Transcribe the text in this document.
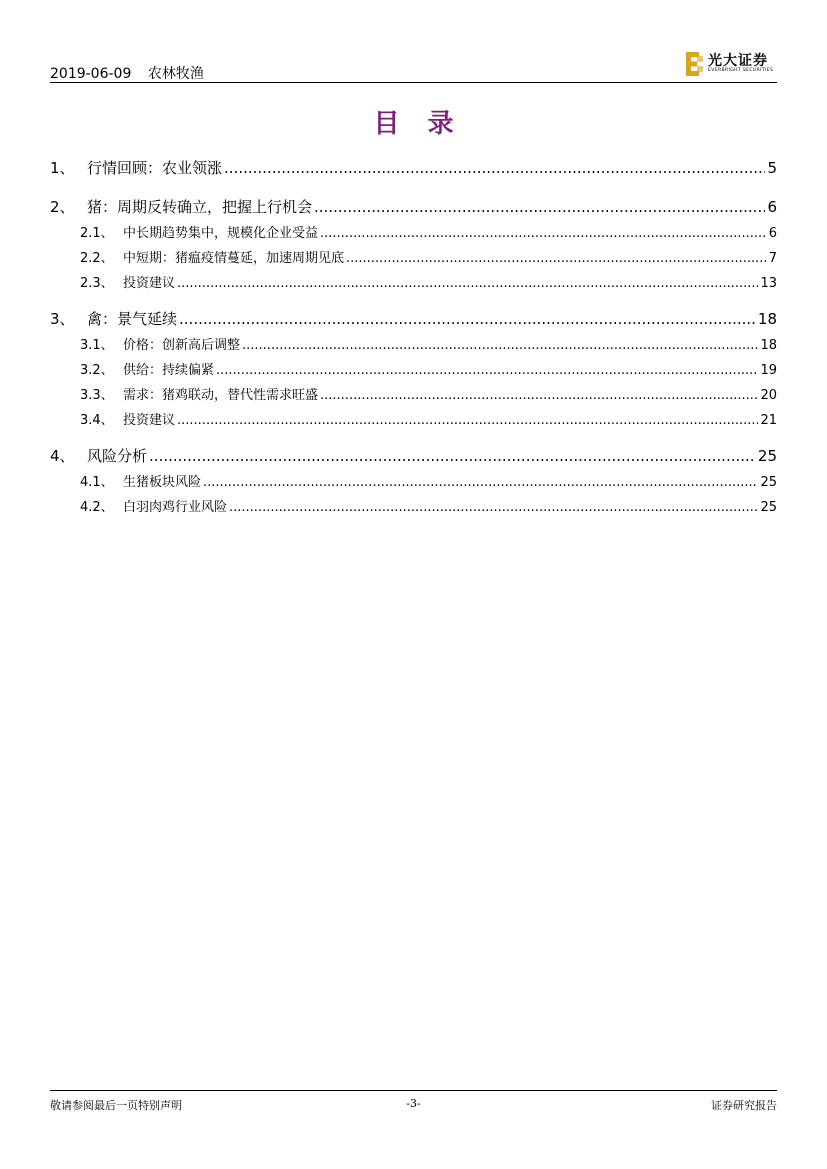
2019-06-09 农林牧渔
光大证券
EVERBRIGHT SECURITIES
目录
1、 行情回顾：农业领涨 .....	5
2、 猪：周期反转确立，把握上行机会 .....	6
2.1、 中长期趋势集中，规模化企业受益 .....	6
2.2、 中短期：猪瘟疫情蔓延，加速周期见底 .....	7
2.3、 投资建议 .....	13
3、 禽：景气延续 .....	18
3.1、 价格：创新高后调整 .....	18
3.2、 供给：持续偏紧 .....	19
3.3、 需求：猪鸡联动，替代性需求旺盛 .....	20
3.4、 投资建议 .....	21
4、 风险分析 .....	25
4.1、 生猪板块风险 .....	25
4.2、 白羽肉鸡行业风险 .....	25
敬请参阅最后一页特别声明	-3-	证券研究报告
